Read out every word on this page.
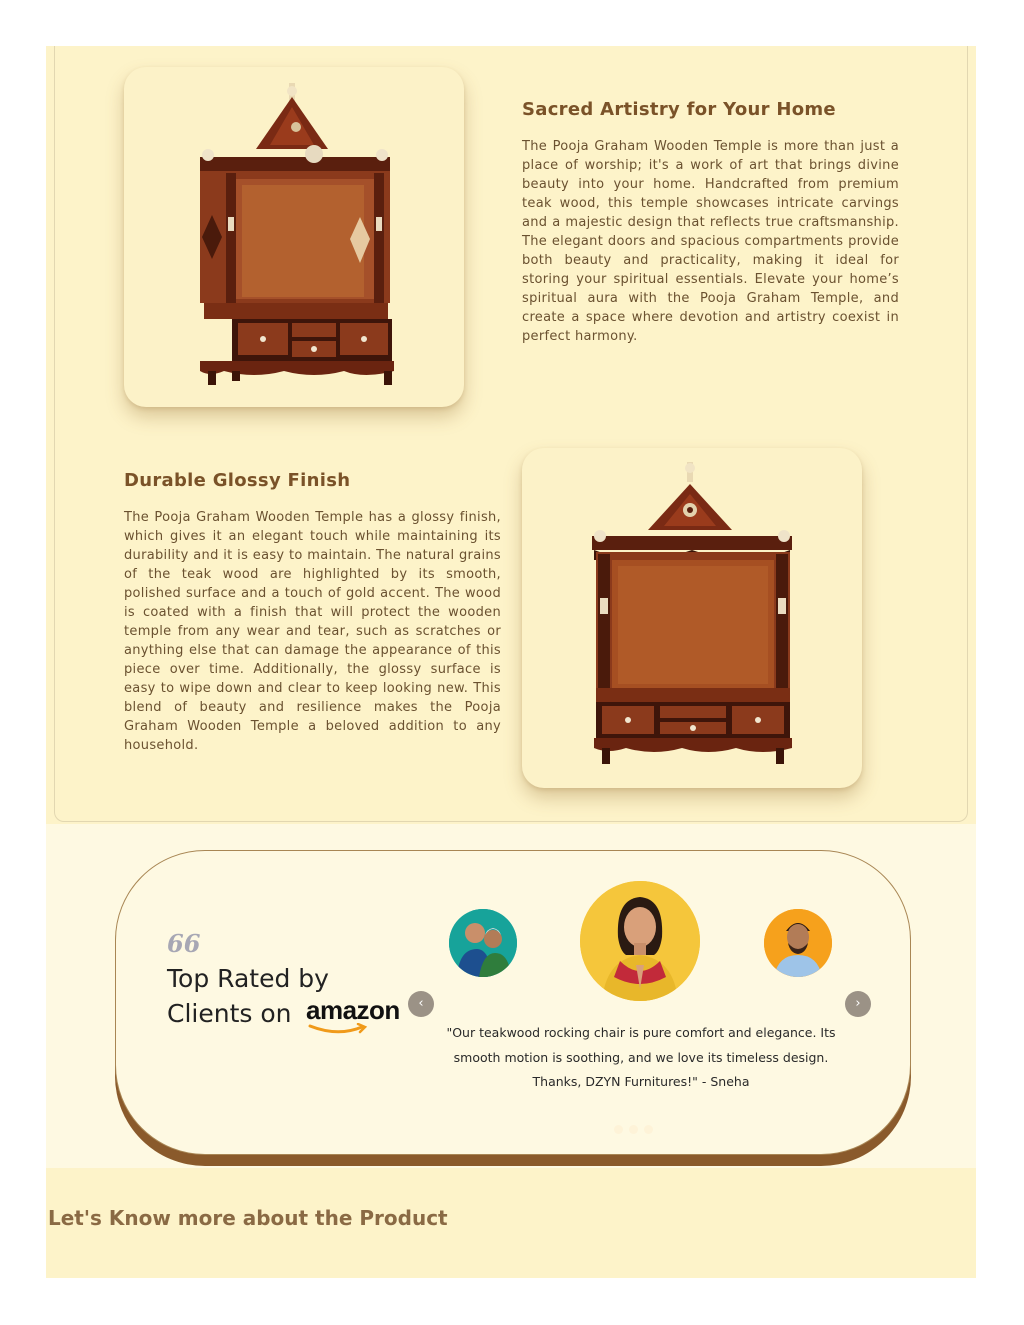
Sacred Artistry for Your Home
The Pooja Graham Wooden Temple is more than just a place of worship; it's a work of art that brings divine beauty into your home. Handcrafted from premium teak wood, this temple showcases intricate carvings and a majestic design that reflects true craftsmanship. The elegant doors and spacious compartments provide both beauty and practicality, making it ideal for storing your spiritual essentials. Elevate your home’s spiritual aura with the Pooja Graham Temple, and create a space where devotion and artistry coexist in perfect harmony.
Durable Glossy Finish
The Pooja Graham Wooden Temple has a glossy finish, which gives it an elegant touch while maintaining its durability and it is easy to maintain. The natural grains of the teak wood are highlighted by its smooth, polished surface and a touch of gold accent. The wood is coated with a finish that will protect the wooden temple from any wear and tear, such as scratches or anything else that can damage the appearance of this piece over time. Additionally, the glossy surface is easy to wipe down and clear to keep looking new. This blend of beauty and resilience makes the Pooja Graham Wooden Temple a beloved addition to any household.
66
Top Rated by
Clients on amazon	‹	›
"Our teakwood rocking chair is pure comfort and elegance. Its smooth motion is soothing, and we love its timeless design. Thanks, DZYN Furnitures!" - Sneha
Let's Know more about the Product
